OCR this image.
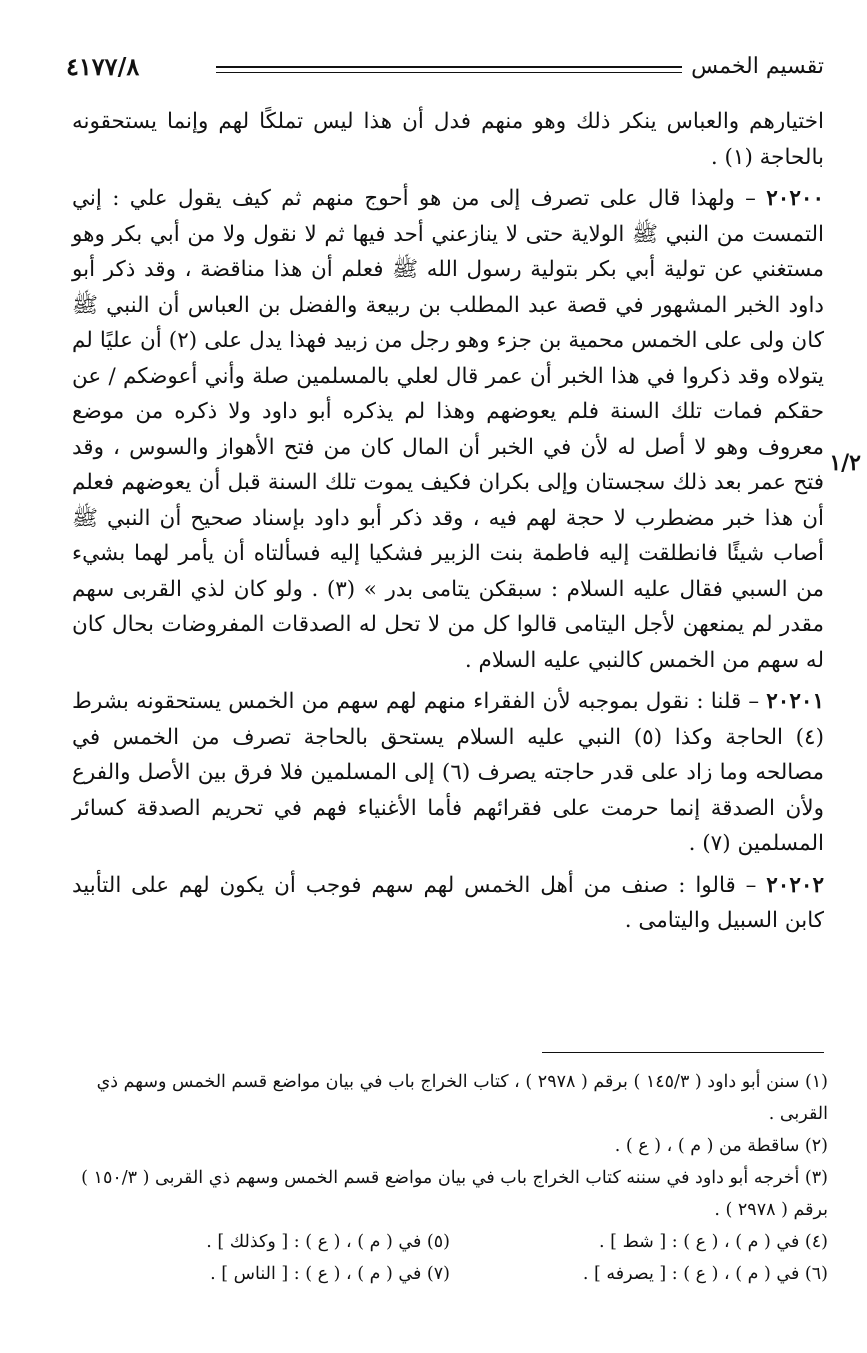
تقسيم الخمس
٤١٧٧/٨
١/٢

اختيارهم والعباس ينكر ذلك وهو منهم فدل أن هذا ليس تملكًا لهم وإنما يستحقونه بالحاجة (١) .

٢٠٢٠٠ – ولهذا قال على تصرف إلى من هو أحوج منهم ثم كيف يقول علي : إني التمست من النبي ﷺ الولاية حتى لا ينازعني أحد فيها ثم لا نقول ولا من أبي بكر وهو مستغني عن تولية أبي بكر بتولية رسول الله ﷺ فعلم أن هذا مناقضة ، وقد ذكر أبو داود الخبر المشهور في قصة عبد المطلب بن ربيعة والفضل بن العباس أن النبي ﷺ كان ولى على الخمس محمية بن جزء وهو رجل من زبيد فهذا يدل على (٢) أن عليًا لم يتولاه وقد ذكروا في هذا الخبر أن عمر قال لعلي بالمسلمين صلة وأني أعوضكم / عن حقكم فمات تلك السنة فلم يعوضهم وهذا لم يذكره أبو داود ولا ذكره من موضع معروف وهو لا أصل له لأن في الخبر أن المال كان من فتح الأهواز والسوس ، وقد فتح عمر بعد ذلك سجستان وإلى بكران فكيف يموت تلك السنة قبل أن يعوضهم فعلم أن هذا خبر مضطرب لا حجة لهم فيه ، وقد ذكر أبو داود بإسناد صحيح أن النبي ﷺ أصاب شيئًا فانطلقت إليه فاطمة بنت الزبير فشكيا إليه فسألتاه أن يأمر لهما بشيء من السبي فقال عليه السلام : سبقكن يتامى بدر » (٣) . ولو كان لذي القربى سهم مقدر لم يمنعهن لأجل اليتامى قالوا كل من لا تحل له الصدقات المفروضات بحال كان له سهم من الخمس كالنبي عليه السلام .

٢٠٢٠١ – قلنا : نقول بموجبه لأن الفقراء منهم لهم سهم من الخمس يستحقونه بشرط (٤) الحاجة وكذا (٥) النبي عليه السلام يستحق بالحاجة تصرف من الخمس في مصالحه وما زاد على قدر حاجته يصرف (٦) إلى المسلمين فلا فرق بين الأصل والفرع ولأن الصدقة إنما حرمت على فقرائهم فأما الأغنياء فهم في تحريم الصدقة كسائر المسلمين (٧) .

٢٠٢٠٢ – قالوا : صنف من أهل الخمس لهم سهم فوجب أن يكون لهم على التأبيد كابن السبيل واليتامى .

(١) سنن أبو داود ( ١٤٥/٣ ) برقم ( ٢٩٧٨ ) ، كتاب الخراج باب في بيان مواضع قسم الخمس وسهم ذي القربى .

(٢) ساقطة من ( م ) ، ( ع ) .

(٣) أخرجه أبو داود في سننه كتاب الخراج باب في بيان مواضع قسم الخمس وسهم ذي القربى ( ١٥٠/٣ ) برقم ( ٢٩٧٨ ) .

(٤) في ( م ) ، ( ع ) : [ شط ] .
(٥) في ( م ) ، ( ع ) : [ وكذلك ] .
(٦) في ( م ) ، ( ع ) : [ يصرفه ] .
(٧) في ( م ) ، ( ع ) : [ الناس ] .
